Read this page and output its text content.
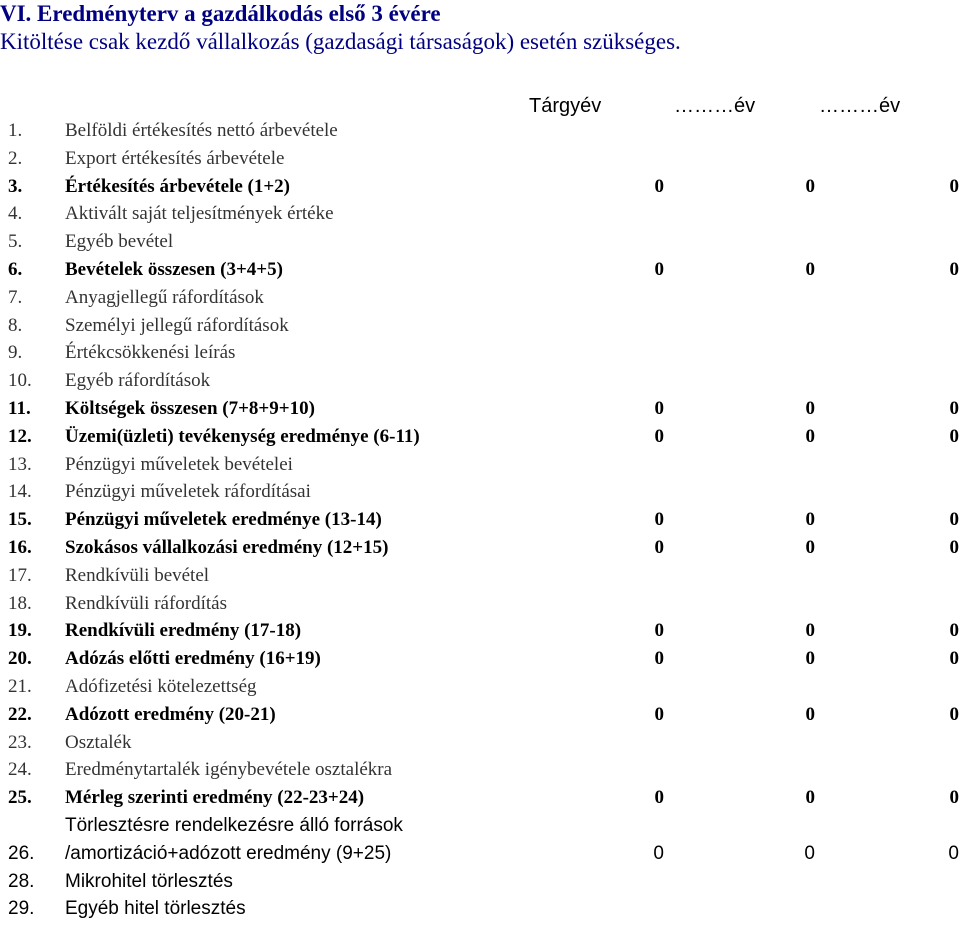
VI. Eredményterv a gazdálkodás első 3 évére
Kitöltése csak kezdő vállalkozás (gazdasági társaságok) esetén szükséges.
Tárgyév	………év	………év
1. Belföldi értékesítés nettó árbevétele
2. Export értékesítés árbevétele
3. Értékesítés árbevétele (1+2)	0	0	0
4. Aktivált saját teljesítmények értéke
5. Egyéb bevétel
6. Bevételek összesen (3+4+5)	0	0	0
7. Anyagjellegű ráfordítások
8. Személyi jellegű ráfordítások
9. Értékcsökkenési leírás
10. Egyéb ráfordítások
11. Költségek összesen (7+8+9+10)	0	0	0
12. Üzemi(üzleti) tevékenység eredménye (6-11)	0	0	0
13. Pénzügyi műveletek bevételei
14. Pénzügyi műveletek ráfordításai
15. Pénzügyi műveletek eredménye (13-14)	0	0	0
16. Szokásos vállalkozási eredmény (12+15)	0	0	0
17. Rendkívüli bevétel
18. Rendkívüli ráfordítás
19. Rendkívüli eredmény (17-18)	0	0	0
20. Adózás előtti eredmény (16+19)	0	0	0
21. Adófizetési kötelezettség
22. Adózott eredmény (20-21)	0	0	0
23. Osztalék
24. Eredménytartalék igénybevétele osztalékra
25. Mérleg szerinti eredmény (22-23+24)	0	0	0
Törlesztésre rendelkezésre álló források
26. /amortizáció+adózott eredmény (9+25)	0	0	0
28. Mikrohitel törlesztés
29. Egyéb hitel törlesztés
